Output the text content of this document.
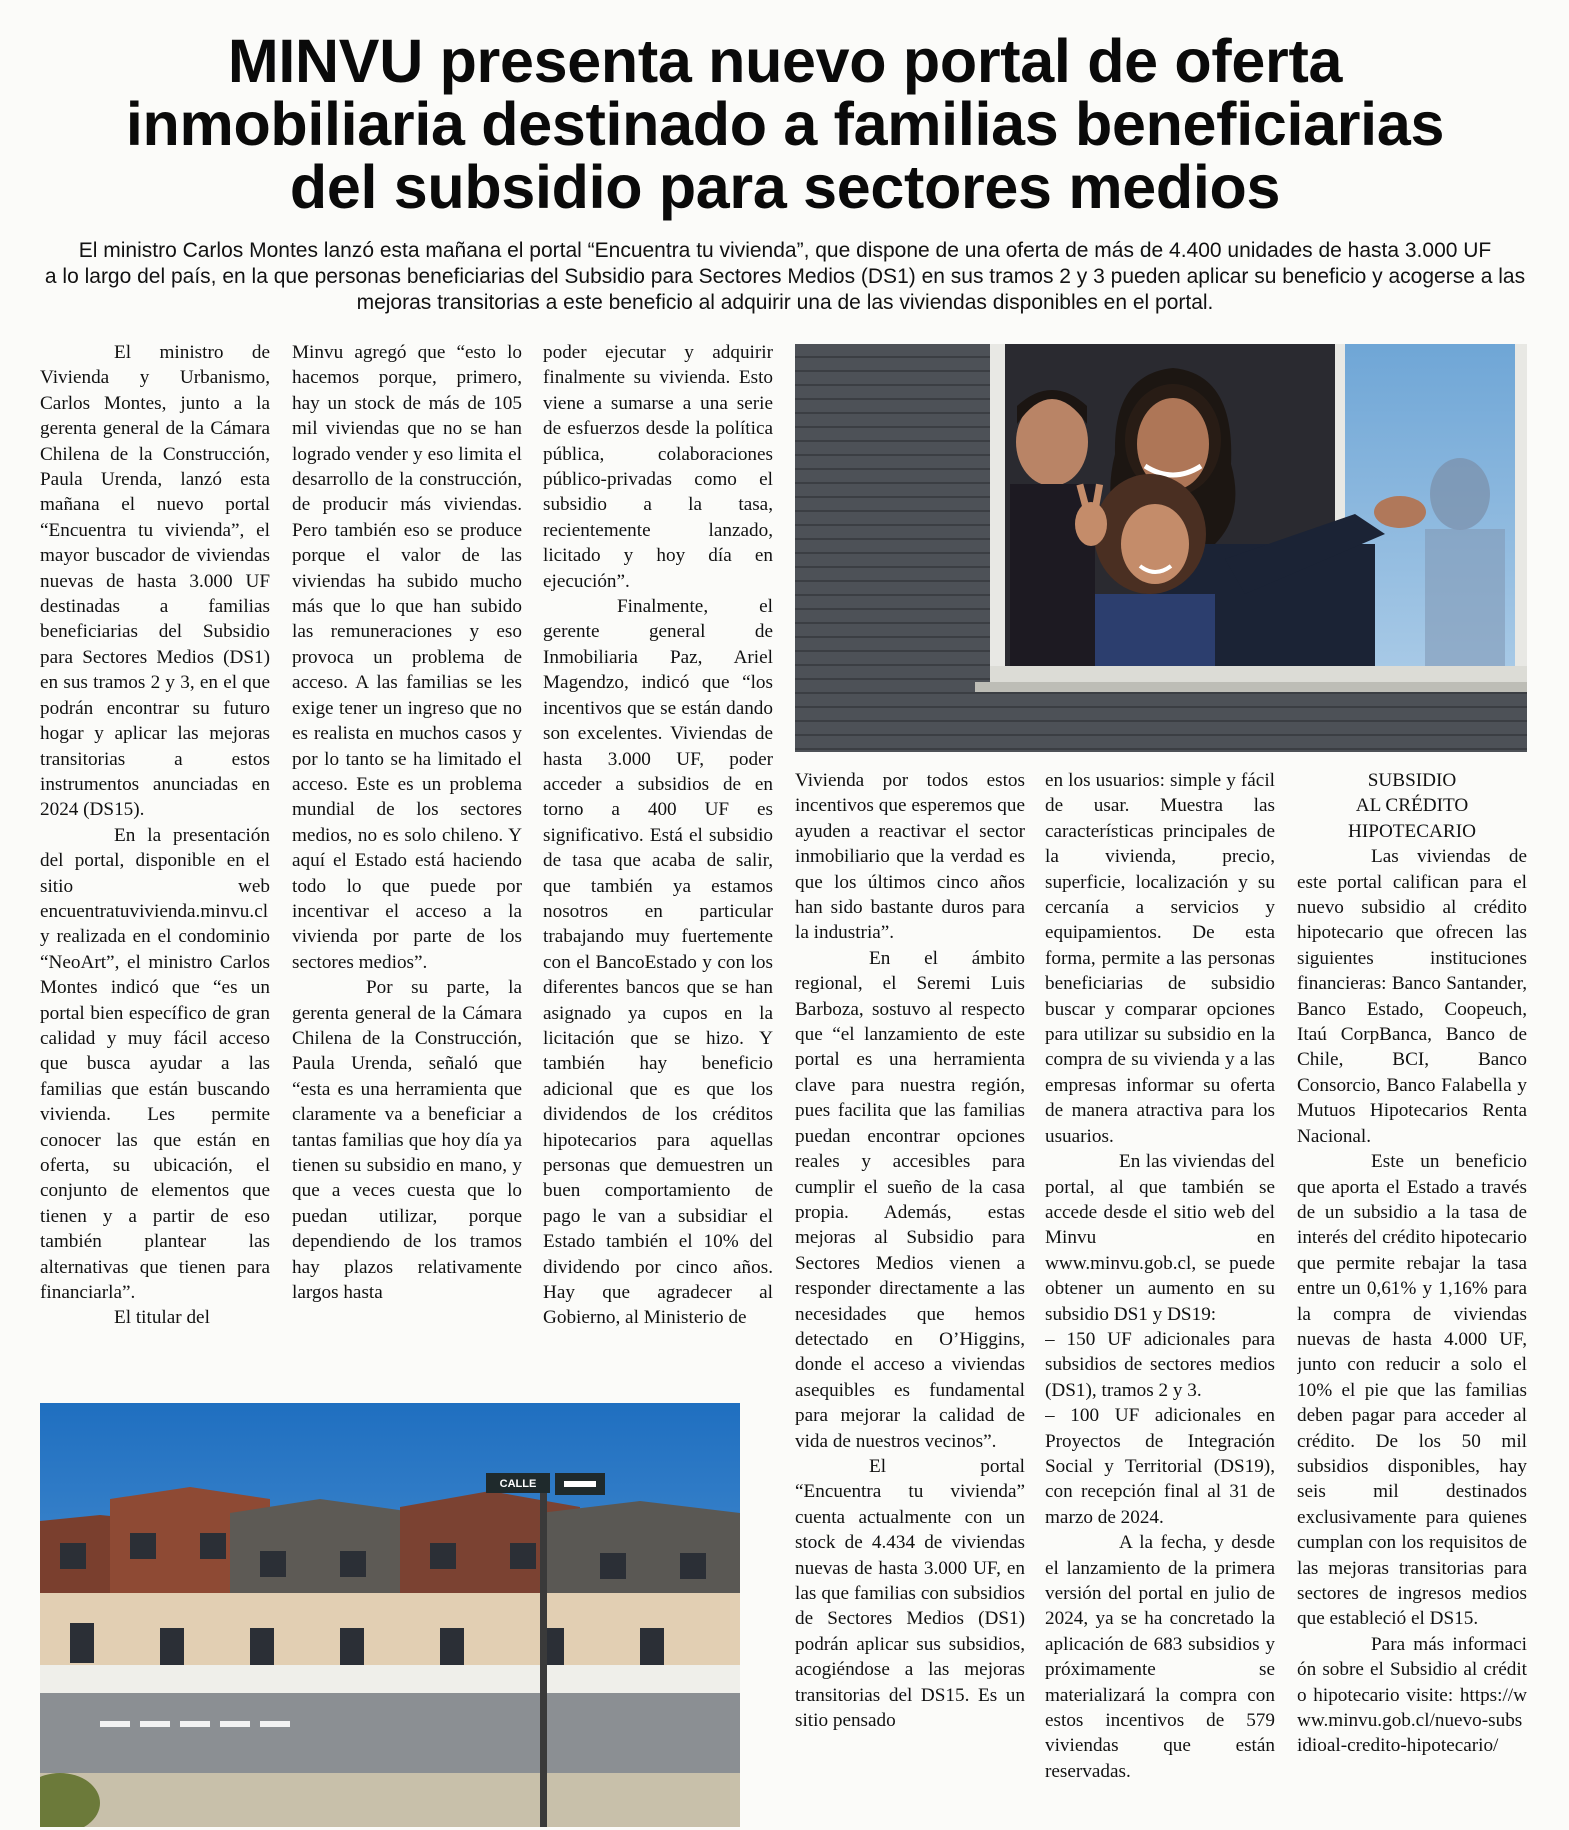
MINVU presenta nuevo portal de oferta
inmobiliaria destinado a familias beneficiarias
del subsidio para sectores medios
El ministro Carlos Montes lanzó esta mañana el portal “Encuentra tu vivienda”, que dispone de una oferta de más de 4.400 unidades de hasta 3.000 UF
a lo largo del país, en la que personas beneficiarias del Subsidio para Sectores Medios (DS1) en sus tramos 2 y 3 pueden aplicar su beneficio y acogerse a las
mejoras transitorias a este beneficio al adquirir una de las viviendas disponibles en el portal.

El ministro de Vivienda y Urbanismo, Carlos Montes, junto a la gerenta general de la Cámara Chilena de la Construcción, Paula Urenda, lanzó esta mañana el nuevo portal “Encuentra tu vivienda”, el mayor buscador de viviendas nuevas de hasta 3.000 UF destinadas a familias beneficiarias del Subsidio para Sectores Medios (DS1) en sus tramos 2 y 3, en el que podrán encontrar su futuro hogar y aplicar las mejoras transitorias a estos instrumentos anunciadas en 2024 (DS15).

En la presentación del portal, disponible en el sitio web encuentratuvivienda.minvu.cl y realizada en el condominio “NeoArt”, el ministro Carlos Montes indicó que “es un portal bien específico de gran calidad y muy fácil acceso que busca ayudar a las familias que están buscando vivienda. Les permite conocer las que están en oferta, su ubicación, el conjunto de elementos que tienen y a partir de eso también plantear las alternativas que tienen para financiarla”.

El titular del

Minvu agregó que “esto lo hacemos porque, primero, hay un stock de más de 105 mil viviendas que no se han logrado vender y eso limita el desarrollo de la construcción, de producir más viviendas. Pero también eso se produce porque el valor de las viviendas ha subido mucho más que lo que han subido las remuneraciones y eso provoca un problema de acceso. A las familias se les exige tener un ingreso que no es realista en muchos casos y por lo tanto se ha limitado el acceso. Este es un problema mundial de los sectores medios, no es solo chileno. Y aquí el Estado está haciendo todo lo que puede por incentivar el acceso a la vivienda por parte de los sectores medios”.

Por su parte, la gerenta general de la Cámara Chilena de la Construcción, Paula Urenda, señaló que “esta es una herramienta que claramente va a beneficiar a tantas familias que hoy día ya tienen su subsidio en mano, y que a veces cuesta que lo puedan utilizar, porque dependiendo de los tramos hay plazos relativamente largos hasta

poder ejecutar y adquirir finalmente su vivienda. Esto viene a sumarse a una serie de esfuerzos desde la política pública, colaboraciones público-privadas como el subsidio a la tasa, recientemente lanzado, licitado y hoy día en ejecución”.

Finalmente, el gerente general de Inmobiliaria Paz, Ariel Magendzo, indicó que “los incentivos que se están dando son excelentes. Viviendas de hasta 3.000 UF, poder acceder a subsidios de en torno a 400 UF es significativo. Está el subsidio de tasa que acaba de salir, que también ya estamos nosotros en particular trabajando muy fuertemente con el BancoEstado y con los diferentes bancos que se han asignado ya cupos en la licitación que se hizo. Y también hay beneficio adicional que es que los dividendos de los créditos hipotecarios para aquellas personas que demuestren un buen comportamiento de pago le van a subsidiar el Estado también el 10% del dividendo por cinco años. Hay que agradecer al Gobierno, al Ministerio de

CALLE

Vivienda por todos estos incentivos que esperemos que ayuden a reactivar el sector inmobiliario que la verdad es que los últimos cinco años han sido bastante duros para la industria”.

En el ámbito regional, el Seremi Luis Barboza, sostuvo al respecto que “el lanzamiento de este portal es una herramienta clave para nuestra región, pues facilita que las familias puedan encontrar opciones reales y accesibles para cumplir el sueño de la casa propia. Además, estas mejoras al Subsidio para Sectores Medios vienen a responder directamente a las necesidades que hemos detectado en O’Higgins, donde el acceso a viviendas asequibles es fundamental para mejorar la calidad de vida de nuestros vecinos”.

El portal “Encuentra tu vivienda” cuenta actualmente con un stock de 4.434 de viviendas nuevas de hasta 3.000 UF, en las que familias con subsidios de Sectores Medios (DS1) podrán aplicar sus subsidios, acogiéndose a las mejoras transitorias del DS15. Es un sitio pensado

en los usuarios: simple y fácil de usar. Muestra las características principales de la vivienda, precio, superficie, localización y su cercanía a servicios y equipamientos. De esta forma, permite a las personas beneficiarias de subsidio buscar y comparar opciones para utilizar su subsidio en la compra de su vivienda y a las empresas informar su oferta de manera atractiva para los usuarios.

En las viviendas del portal, al que también se accede desde el sitio web del Minvu en www.minvu.gob.cl, se puede obtener un aumento en su subsidio DS1 y DS19:

– 150 UF adicionales para subsidios de sectores medios (DS1), tramos 2 y 3.

– 100 UF adicionales en Proyectos de Integración Social y Territorial (DS19), con recepción final al 31 de marzo de 2024.

A la fecha, y desde el lanzamiento de la primera versión del portal en julio de 2024, ya se ha concretado la aplicación de 683 subsidios y próximamente se materializará la compra con estos incentivos de 579 viviendas que están reservadas.

SUBSIDIO
AL CRÉDITO
HIPOTECARIO

Las viviendas de este portal califican para el nuevo subsidio al crédito hipotecario que ofrecen las siguientes instituciones financieras: Banco Santander, Banco Estado, Coopeuch, Itaú CorpBanca, Banco de Chile, BCI, Banco Consorcio, Banco Falabella y Mutuos Hipotecarios Renta Nacional.

Este un beneficio que aporta el Estado a través de un subsidio a la tasa de interés del crédito hipotecario que permite rebajar la tasa entre un 0,61% y 1,16% para la compra de viviendas nuevas de hasta 4.000 UF, junto con reducir a solo el 10% el pie que las familias deben pagar para acceder al crédito. De los 50 mil subsidios disponibles, hay seis mil destinados exclusivamente para quienes cumplan con los requisitos de las mejoras transitorias para sectores de ingresos medios que estableció el DS15.

Para más información sobre el Subsidio al crédito hipotecario visite: https://www.minvu.gob.cl/nuevo-subsidioal-credito-hipotecario/
